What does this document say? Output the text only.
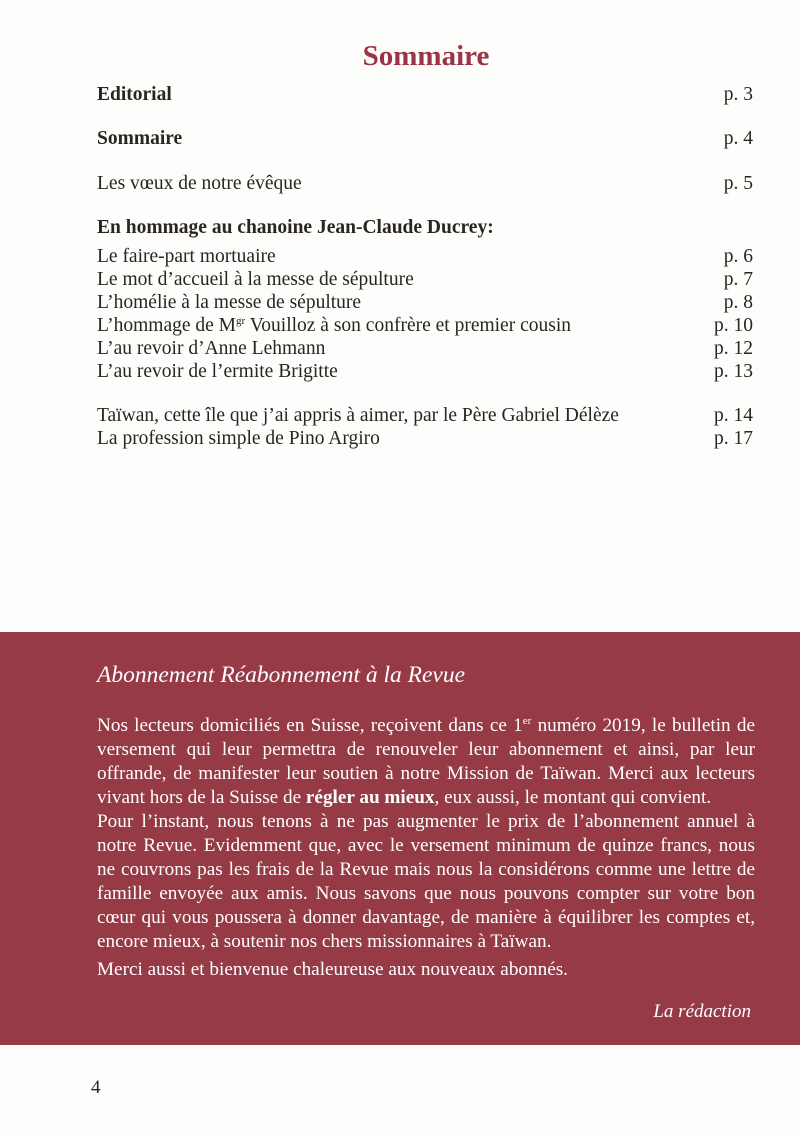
Sommaire
Editorial	p. 3
Sommaire	p. 4
Les vœux de notre évêque	p. 5
En hommage au chanoine Jean-Claude Ducrey:
Le faire-part mortuaire	p. 6
Le mot d’accueil à la messe de sépulture	p. 7
L’homélie à la messe de sépulture	p. 8
L’hommage de $M^{gr}$ Vouilloz à son confrère et premier cousin	p. 10
L’au revoir d’Anne Lehmann	p. 12
L’au revoir de l’ermite Brigitte	p. 13
Taïwan, cette île que j’ai appris à aimer, par le Père Gabriel Délèze	p. 14
La profession simple de Pino Argiro	p. 17
Abonnement Réabonnement à la Revue

Nos lecteurs domiciliés en Suisse, reçoivent dans ce 1er numéro 2019, le bulletin de versement qui leur permettra de renouveler leur abonnement et ainsi, par leur offrande, de manifester leur soutien à notre Mission de Taïwan. Merci aux lecteurs vivant hors de la Suisse de régler au mieux, eux aussi, le montant qui convient.

Pour l’instant, nous tenons à ne pas augmenter le prix de l’abonnement annuel à notre Revue. Evidemment que, avec le versement minimum de quinze francs, nous ne couvrons pas les frais de la Revue mais nous la considérons comme une lettre de famille envoyée aux amis. Nous savons que nous pouvons compter sur votre bon cœur qui vous poussera à donner davantage, de manière à équilibrer les comptes et, encore mieux, à soutenir nos chers missionnaires à Taïwan.

Merci aussi et bienvenue chaleureuse aux nouveaux abonnés.

La rédaction
4
